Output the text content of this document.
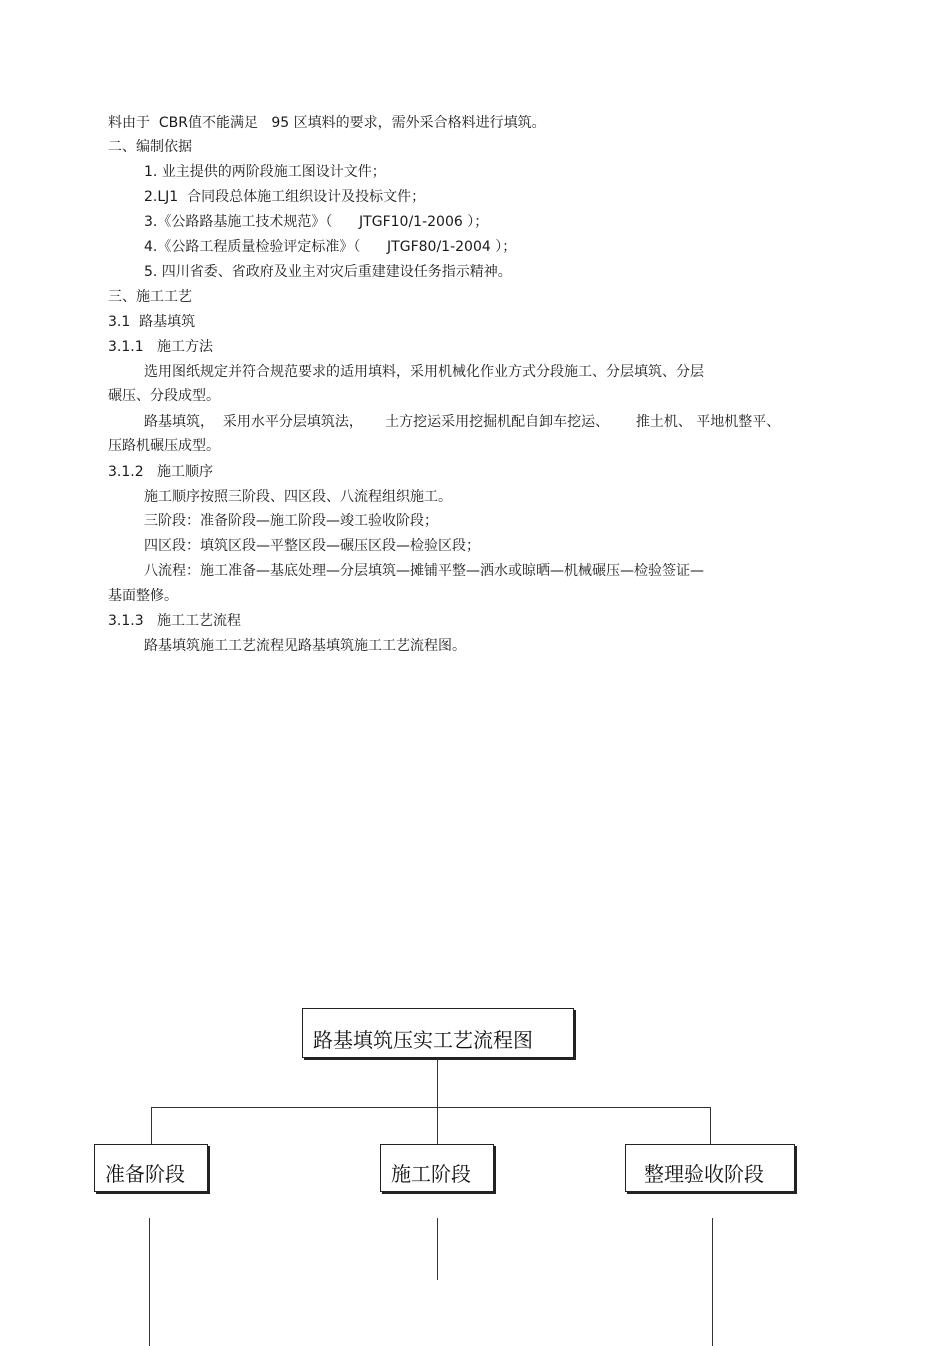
料由于  CBR值不能满足   95 区填料的要求，需外采合格料进行填筑。
二、编制依据
1. 业主提供的两阶段施工图设计文件；
2.LJ1  合同段总体施工组织设计及投标文件；
3.《公路路基施工技术规范》（      JTGF10/1-2006 ）；
4.《公路工程质量检验评定标准》（      JTGF80/1-2004 ）；
5. 四川省委、省政府及业主对灾后重建建设任务指示精神。
三、施工工艺
3.1  路基填筑
3.1.1   施工方法
选用图纸规定并符合规范要求的适用填料，采用机械化作业方式分段施工、分层填筑、分层
碾压、分段成型。
路基填筑，  采用水平分层填筑法，     土方挖运采用挖掘机配自卸车挖运、      推土机、 平地机整平、
压路机碾压成型。
3.1.2   施工顺序
施工顺序按照三阶段、四区段、八流程组织施工。
三阶段：准备阶段—施工阶段—竣工验收阶段；
四区段：填筑区段—平整区段—碾压区段—检验区段；
八流程：施工准备—基底处理—分层填筑—摊铺平整—洒水或晾晒—机械碾压—检验签证—
基面整修。
3.1.3   施工工艺流程
路基填筑施工工艺流程见路基填筑施工工艺流程图。
路基填筑压实工艺流程图
准备阶段	施工阶段	整理验收阶段
